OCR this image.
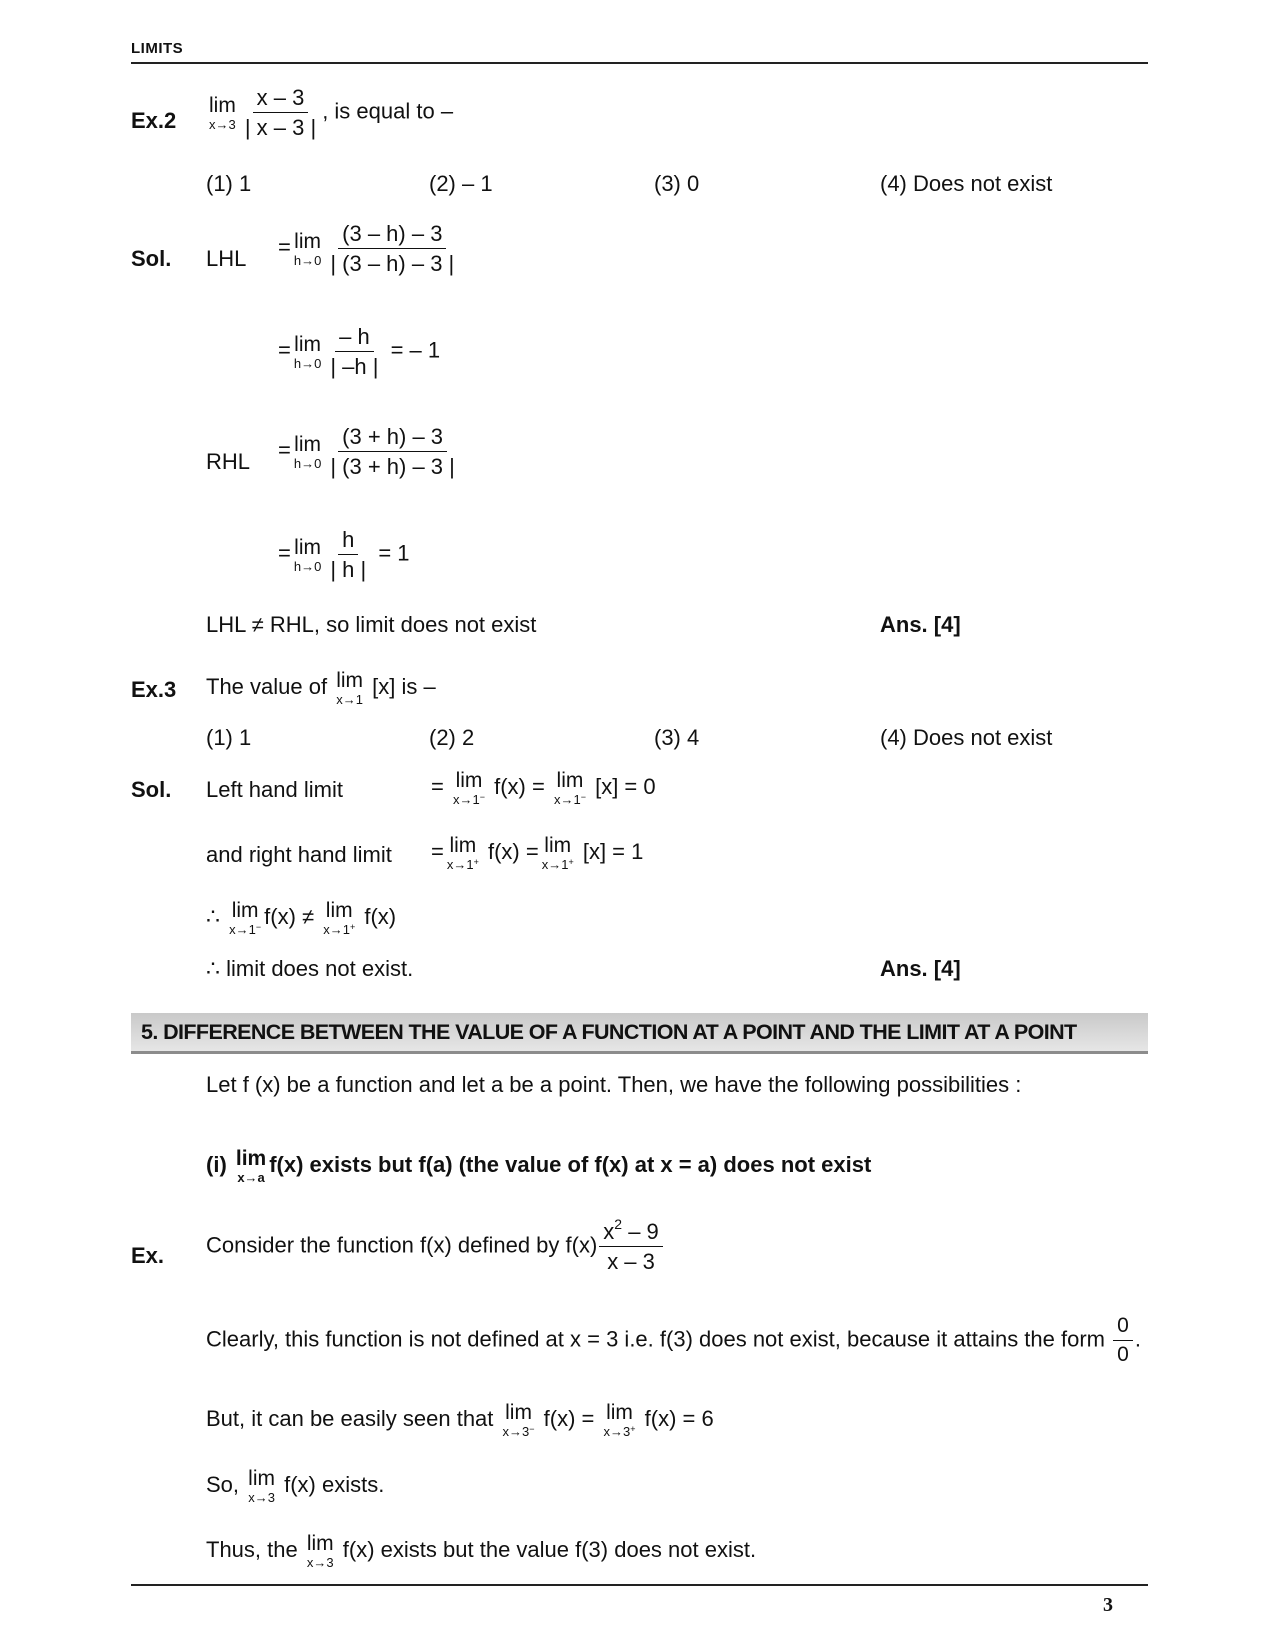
LIMITS
Ex.2
lim
$x\to 3 \frac{x - 3}{| x - 3 |}$ , is equal to –
(1) 1	(2) – 1	(3) 0	(4) Does not exist
Sol. LHL = lim
$h\to 0 \frac{(3 - h) - 3}{| (3 - h) - 3 |}$
= lim
$h\to 0 \frac{- h}{| -h |}$ = – 1
RHL = lim
$h\to 0 \frac{(3 + h) - 3}{| (3 + h) - 3 |}$
= lim
$h\to 0 \frac{h}{| h |} = 1$
LHL ≠ RHL, so limit does not exist	Ans. [4]
Ex.3 The value of lim
x→1
[x] is –
(1) 1	(2) 2	(3) 4	(4) Does not exist
Sol. Left hand limit	= lim
x→1− f(x) = lim
x→1− [x] = 0
and right hand limit = lim
x→1+ f(x) = lim
x→1+ [x] = 1
∴ lim
x→1− f(x) ≠ lim
x→1+ f(x)
∴ limit does not exist.	Ans. [4]
5. DIFFERENCE BETWEEN THE VALUE OF A FUNCTION AT A POINT AND THE LIMIT AT A POINT
Let f (x) be a function and let a be a point. Then, we have the following possibilities :
(i) lim
x→a
f(x) exists but f(a) (the value of f(x) at x = a) does not exist
Ex. Consider the function f(x) defined by $f(x) \frac{x^2 - 9}{x - 3}$
Clearly, this function is not defined at x = 3 i.e. f(3) does not exist, because it attains the form $\frac{0}{0}$ .
But, it can be easily seen that lim
x→3− f(x) = lim
x→3+ f(x) = 6
So, lim
x→3
f(x) exists.
Thus, the lim
x→3
f(x) exists but the value f(3) does not exist.
3
